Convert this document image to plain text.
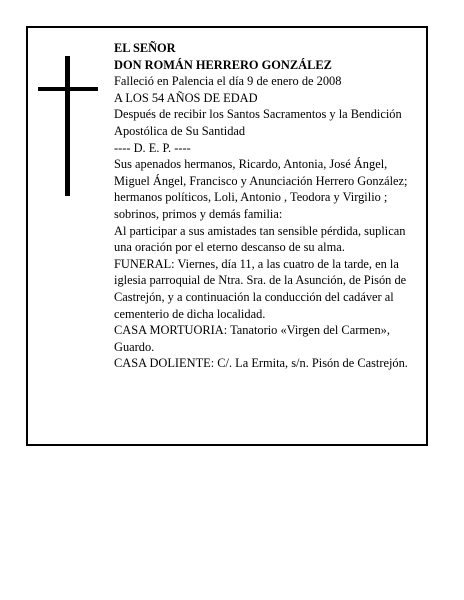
EL SEÑOR

DON ROMÁN HERRERO GONZÁLEZ

Falleció en Palencia el día 9 de enero de 2008

A LOS 54 AÑOS DE EDAD

Después de recibir los Santos Sacramentos y la Bendición Apostólica de Su Santidad

---- D. E. P. ----

Sus apenados hermanos, Ricardo, Antonia, José Ángel, Miguel Ángel, Francisco y Anunciación Herrero González; hermanos políticos, Loli, Antonio , Teodora y Virgilio ; sobrinos, primos y demás familia:

Al participar a sus amistades tan sensible pérdida, suplican una oración por el eterno descanso de su alma.

FUNERAL: Viernes, día 11, a las cuatro de la tarde, en la iglesia parroquial de Ntra. Sra. de la Asunción, de Pisón de Castrejón, y a continuación la conducción del cadáver al cementerio de dicha localidad.

CASA MORTUORIA: Tanatorio «Virgen del Carmen», Guardo.

CASA DOLIENTE: C/. La Ermita, s/n. Pisón de Castrejón.
